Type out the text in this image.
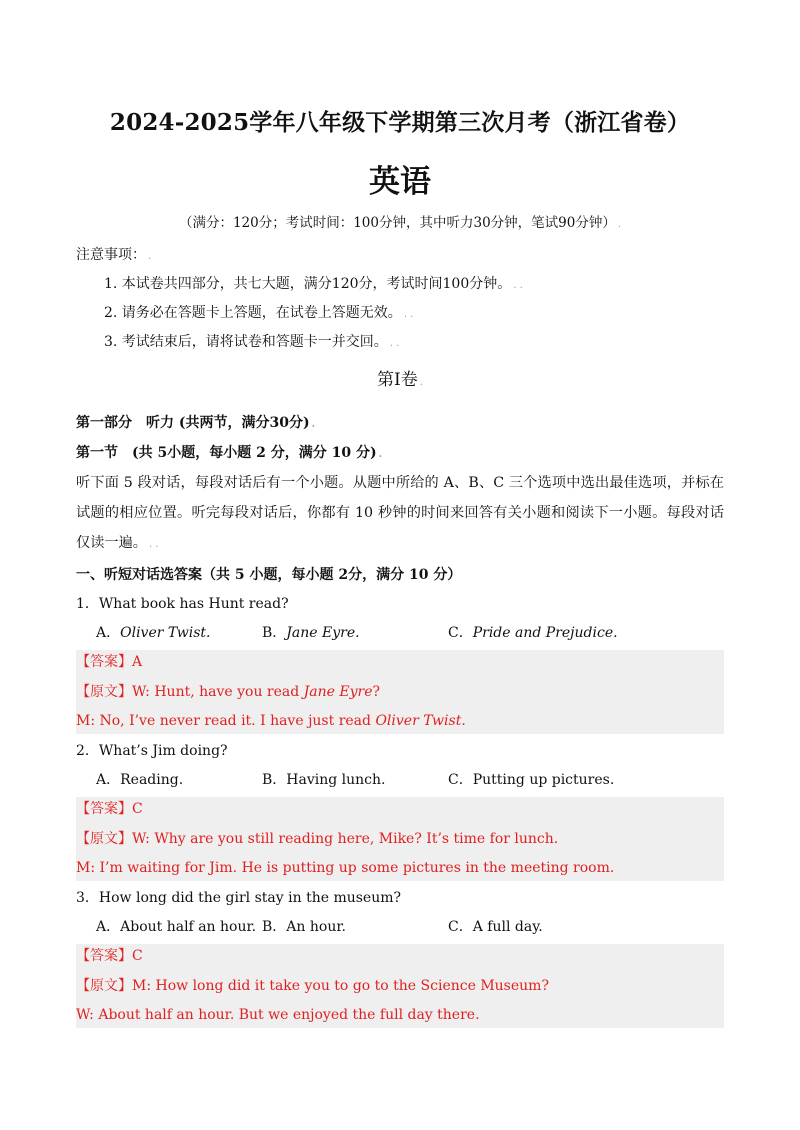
2024-2025学年八年级下学期第三次月考（浙江省卷）
英语
（满分：120分；考试时间：100分钟，其中听力30分钟，笔试90分钟） .
注意事项： .
1. 本试卷共四部分，共七大题，满分120分，考试时间100分钟。 . .
2. 请务必在答题卡上答题，在试卷上答题无效。 . .
3. 考试结束后，请将试卷和答题卡一并交回。 . .
第I卷 .
第一部分　听力 (共两节，满分30分) .
第一节　(共 5小题，每小题 2 分，满分 10 分) .
听下面 5 段对话，每段对话后有一个小题。从题中所给的 A、B、C 三个选项中选出最佳选项，并标在试题的相应位置。听完每段对话后，你都有 10 秒钟的时间来回答有关小题和阅读下一小题。每段对话仅读一遍。 . .
一、听短对话选答案（共 5 小题，每小题 2分，满分 10 分）
1．What book has Hunt read?
A．Oliver Twist.	B．Jane Eyre.	C．Pride and Prejudice.
【答案】A
【原文】W: Hunt, have you read Jane Eyre?
M: No, I’ve never read it. I have just read Oliver Twist.
2．What’s Jim doing?
A．Reading.	B．Having lunch.	C．Putting up pictures.
【答案】C
【原文】W: Why are you still reading here, Mike? It’s time for lunch.
M: I’m waiting for Jim. He is putting up some pictures in the meeting room.
3．How long did the girl stay in the museum?
A．About half an hour. B．An hour.	C．A full day.
【答案】C
【原文】M: How long did it take you to go to the Science Museum?
W: About half an hour. But we enjoyed the full day there.
